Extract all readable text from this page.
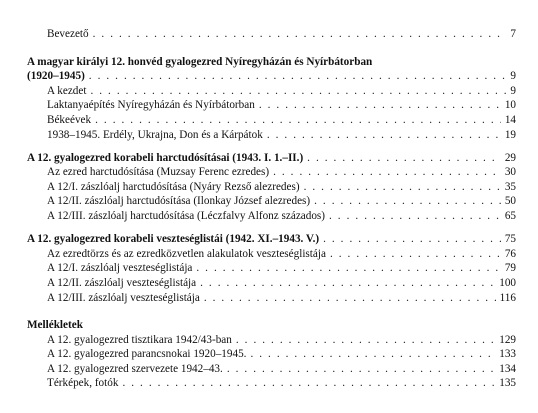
Bevezető . . .	7
A magyar királyi 12. honvéd gyalogezred Nyíregyházán és Nyírbátorban
(1920–1945) . . .	9
A kezdet . . .	9
Laktanyaépítés Nyíregyházán és Nyírbátorban . . .	10
Békeévek . . .	14
1938–1945. Erdély, Ukrajna, Don és a Kárpátok . . .	19
A 12. gyalogezred korabeli harctudósításai (1943. I. 1.–II.) . . .	29
Az ezred harctudósítása (Muzsay Ferenc ezredes) . . .	30
A 12/I. zászlóalj harctudósítása (Nyáry Rezső alezredes) . . .	35
A 12/II. zászlóalj harctudósítása (Ilonkay József alezredes) . . .	50
A 12/III. zászlóalj harctudósítása (Léczfalvy Alfonz százados) . . .	65
A 12. gyalogezred korabeli veszteséglistái (1942. XI.–1943. V.) . . .	75
Az ezredtörzs és az ezredközvetlen alakulatok veszteséglistája . . .	76
A 12/I. zászlóalj veszteséglistája . . .	79
A 12/II. zászlóalj veszteséglistája . . .	100
A 12/III. zászlóalj veszteséglistája . . .	116
Mellékletek
A 12. gyalogezred tisztikara 1942/43-ban . . .	129
A 12. gyalogezred parancsnokai 1920–1945. . . .	133
A 12. gyalogezred szervezete 1942–43. . . .	134
Térképek, fotók . . .	135
